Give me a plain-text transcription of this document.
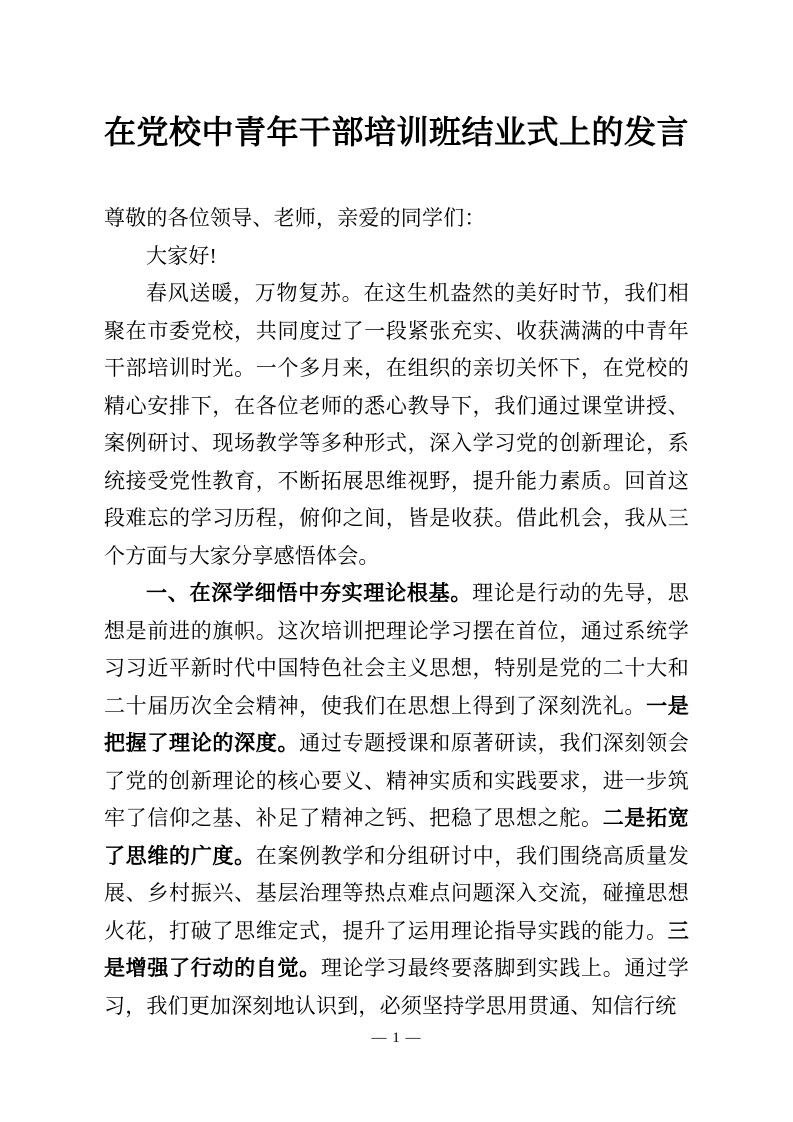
在党校中青年干部培训班结业式上的发言

尊敬的各位领导、老师，亲爱的同学们：

大家好!

春风送暖，万物复苏。在这生机盎然的美好时节，我们相聚在市委党校，共同度过了一段紧张充实、收获满满的中青年干部培训时光。一个多月来，在组织的亲切关怀下，在党校的精心安排下，在各位老师的悉心教导下，我们通过课堂讲授、案例研讨、现场教学等多种形式，深入学习党的创新理论，系统接受党性教育，不断拓展思维视野，提升能力素质。回首这段难忘的学习历程，俯仰之间，皆是收获。借此机会，我从三个方面与大家分享感悟体会。

一、在深学细悟中夯实理论根基。理论是行动的先导，思想是前进的旗帜。这次培训把理论学习摆在首位，通过系统学习习近平新时代中国特色社会主义思想，特别是党的二十大和二十届历次全会精神，使我们在思想上得到了深刻洗礼。一是把握了理论的深度。通过专题授课和原著研读，我们深刻领会了党的创新理论的核心要义、精神实质和实践要求，进一步筑牢了信仰之基、补足了精神之钙、把稳了思想之舵。二是拓宽了思维的广度。在案例教学和分组研讨中，我们围绕高质量发展、乡村振兴、基层治理等热点难点问题深入交流，碰撞思想火花，打破了思维定式，提升了运用理论指导实践的能力。三是增强了行动的自觉。理论学习最终要落脚到实践上。通过学习，我们更加深刻地认识到，必须坚持学思用贯通、知信行统

— 1 —
